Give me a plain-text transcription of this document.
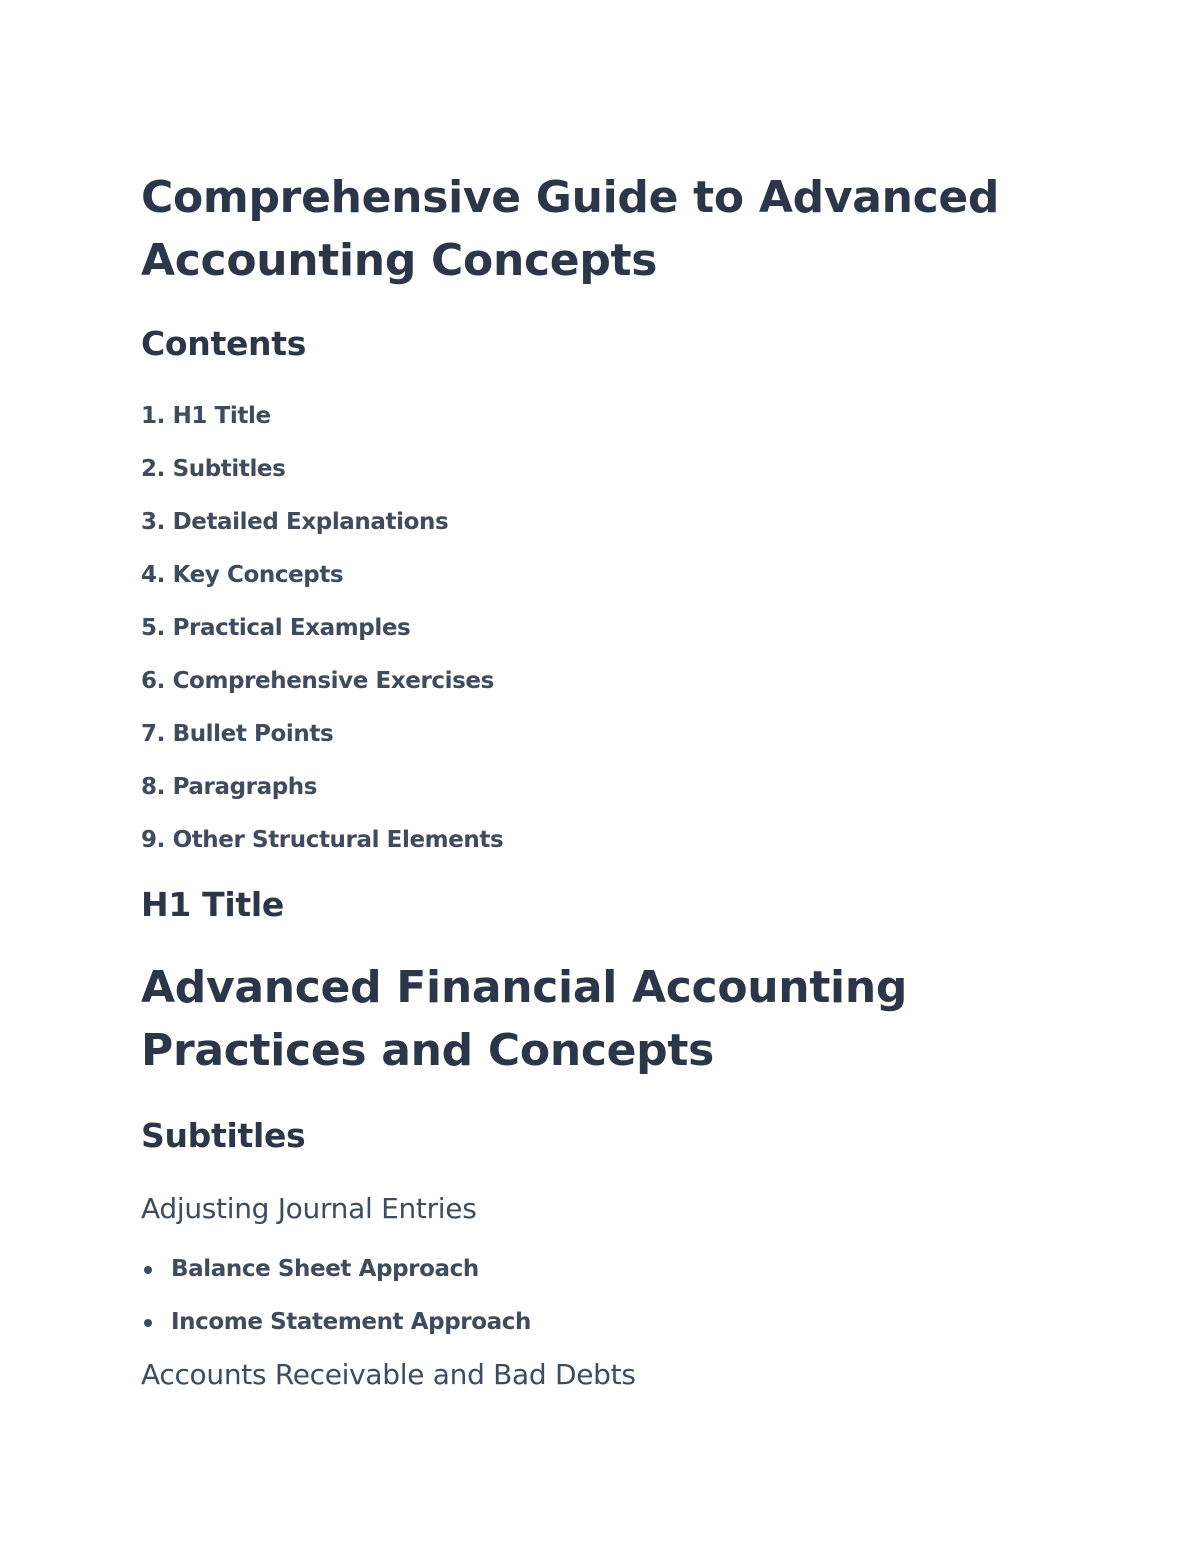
Comprehensive Guide to Advanced Accounting Concepts
Contents
1. H1 Title
2. Subtitles
3. Detailed Explanations
4. Key Concepts
5. Practical Examples
6. Comprehensive Exercises
7. Bullet Points
8. Paragraphs
9. Other Structural Elements
H1 Title
Advanced Financial Accounting Practices and Concepts
Subtitles
Adjusting Journal Entries
Balance Sheet Approach
Income Statement Approach
Accounts Receivable and Bad Debts
